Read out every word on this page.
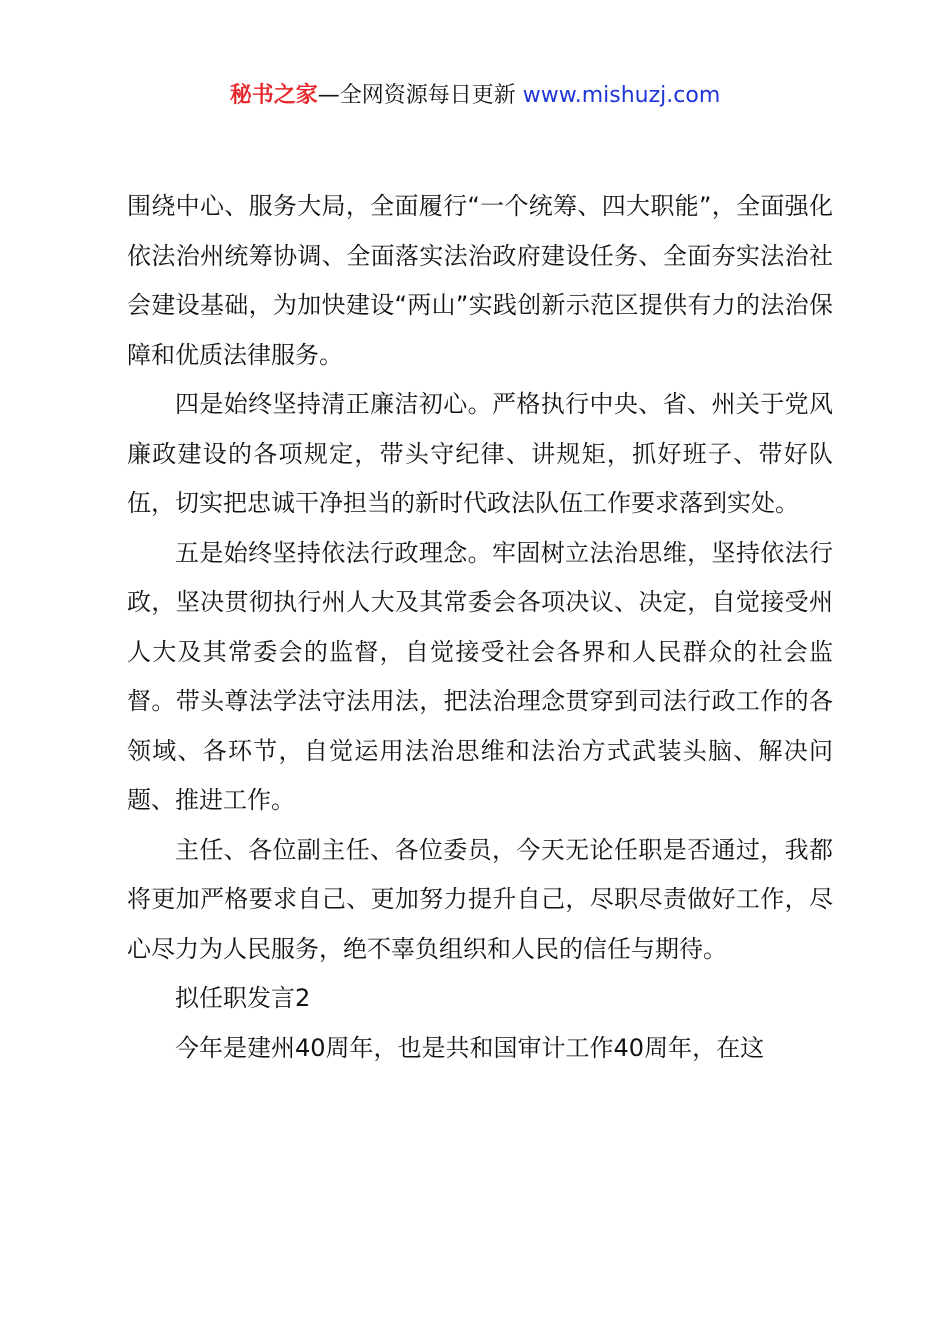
秘书之家—全网资源每日更新 www.mishuzj.com

围绕中心、服务大局，全面履行“一个统筹、四大职能”，全面强化依法治州统筹协调、全面落实法治政府建设任务、全面夯实法治社会建设基础，为加快建设“两山”实践创新示范区提供有力的法治保障和优质法律服务。

四是始终坚持清正廉洁初心。严格执行中央、省、州关于党风廉政建设的各项规定，带头守纪律、讲规矩，抓好班子、带好队伍，切实把忠诚干净担当的新时代政法队伍工作要求落到实处。

五是始终坚持依法行政理念。牢固树立法治思维，坚持依法行政，坚决贯彻执行州人大及其常委会各项决议、决定，自觉接受州人大及其常委会的监督，自觉接受社会各界和人民群众的社会监督。带头尊法学法守法用法，把法治理念贯穿到司法行政工作的各领域、各环节，自觉运用法治思维和法治方式武装头脑、解决问题、推进工作。

主任、各位副主任、各位委员，今天无论任职是否通过，我都将更加严格要求自己、更加努力提升自己，尽职尽责做好工作，尽心尽力为人民服务，绝不辜负组织和人民的信任与期待。

拟任职发言2

今年是建州40周年，也是共和国审计工作40周年，在这
